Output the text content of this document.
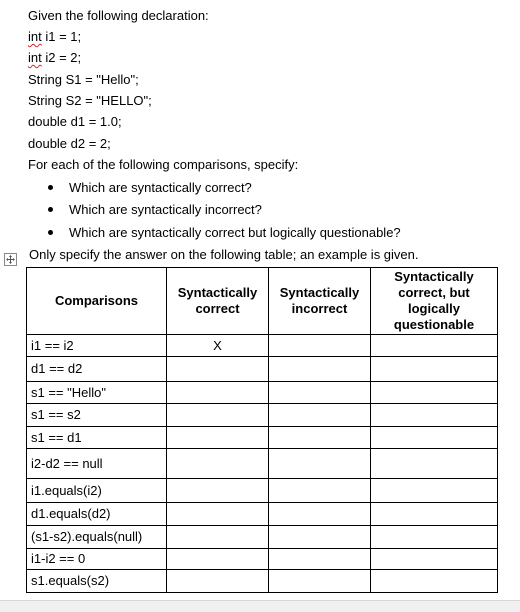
Given the following declaration:
int i1 = 1;
int i2 = 2;
String S1 = "Hello";
String S2 = "HELLO";
double d1 = 1.0;
double d2 = 2;
For each of the following comparisons, specify:
Which are syntactically correct?
Which are syntactically incorrect?
Which are syntactically correct but logically questionable?
Only specify the answer on the following table; an example is given.
Comparisons	Syntactically correct	Syntactically incorrect	Syntactically correct, but logically questionable
i1 == i2	X		
d1 == d2			
s1 == "Hello"			
s1 == s2			
s1 == d1			
i2-d2 == null			
i1.equals(i2)			
d1.equals(d2)			
(s1-s2).equals(null)			
i1-i2 == 0			
s1.equals(s2)			
